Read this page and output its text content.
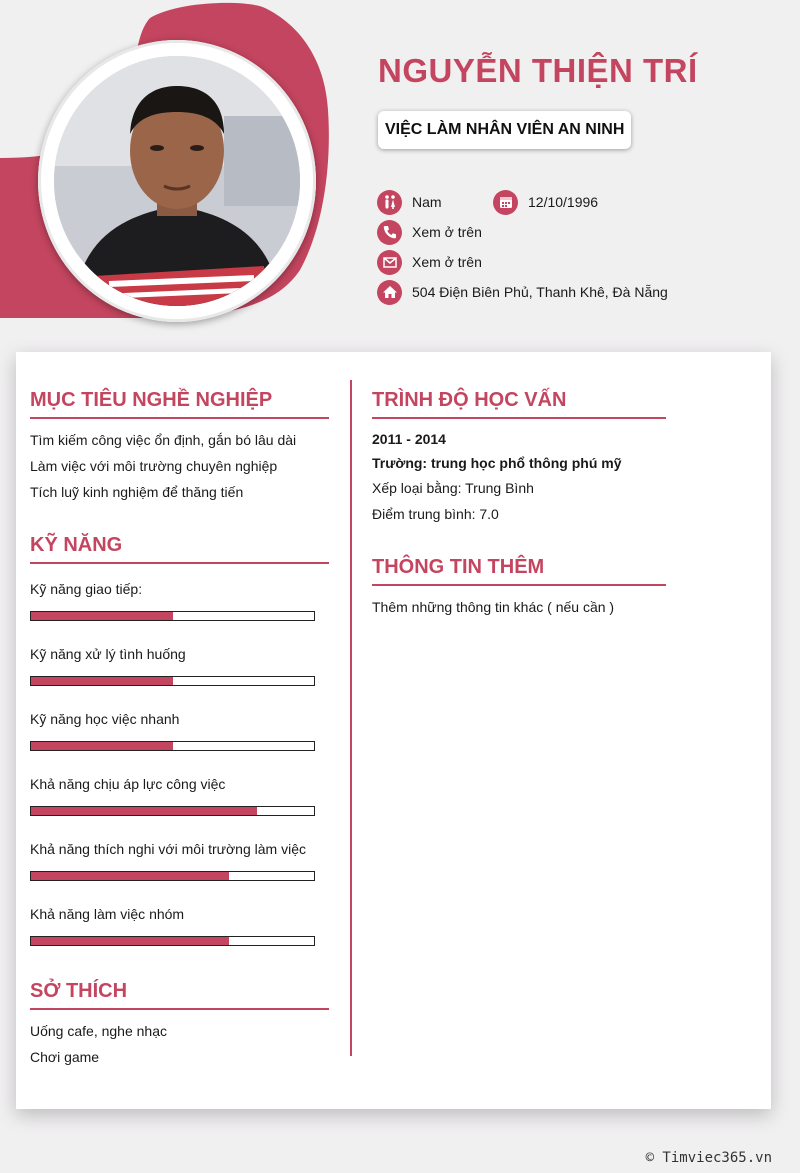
NGUYỄN THIỆN TRÍ
VIỆC LÀM NHÂN VIÊN AN NINH
Nam	12/10/1996
Xem ở trên
Xem ở trên
504 Điện Biên Phủ, Thanh Khê, Đà Nẵng
MỤC TIÊU NGHỀ NGHIỆP
Tìm kiếm công việc ổn định, gắn bó lâu dài
Làm việc với môi trường chuyên nghiệp
Tích luỹ kinh nghiệm để thăng tiến
KỸ NĂNG
Kỹ năng giao tiếp:
Kỹ năng xử lý tình huống
Kỹ năng học việc nhanh
Khả năng chịu áp lực công việc
Khả năng thích nghi với môi trường làm việc
Khả năng làm việc nhóm
SỞ THÍCH
Uống cafe, nghe nhạc
Chơi game
TRÌNH ĐỘ HỌC VẤN
2011 - 2014
Trường: trung học phổ thông phú mỹ
Xếp loại bằng: Trung Bình
Điểm trung bình: 7.0
THÔNG TIN THÊM
Thêm những thông tin khác ( nếu cần )
© Timviec365.vn
